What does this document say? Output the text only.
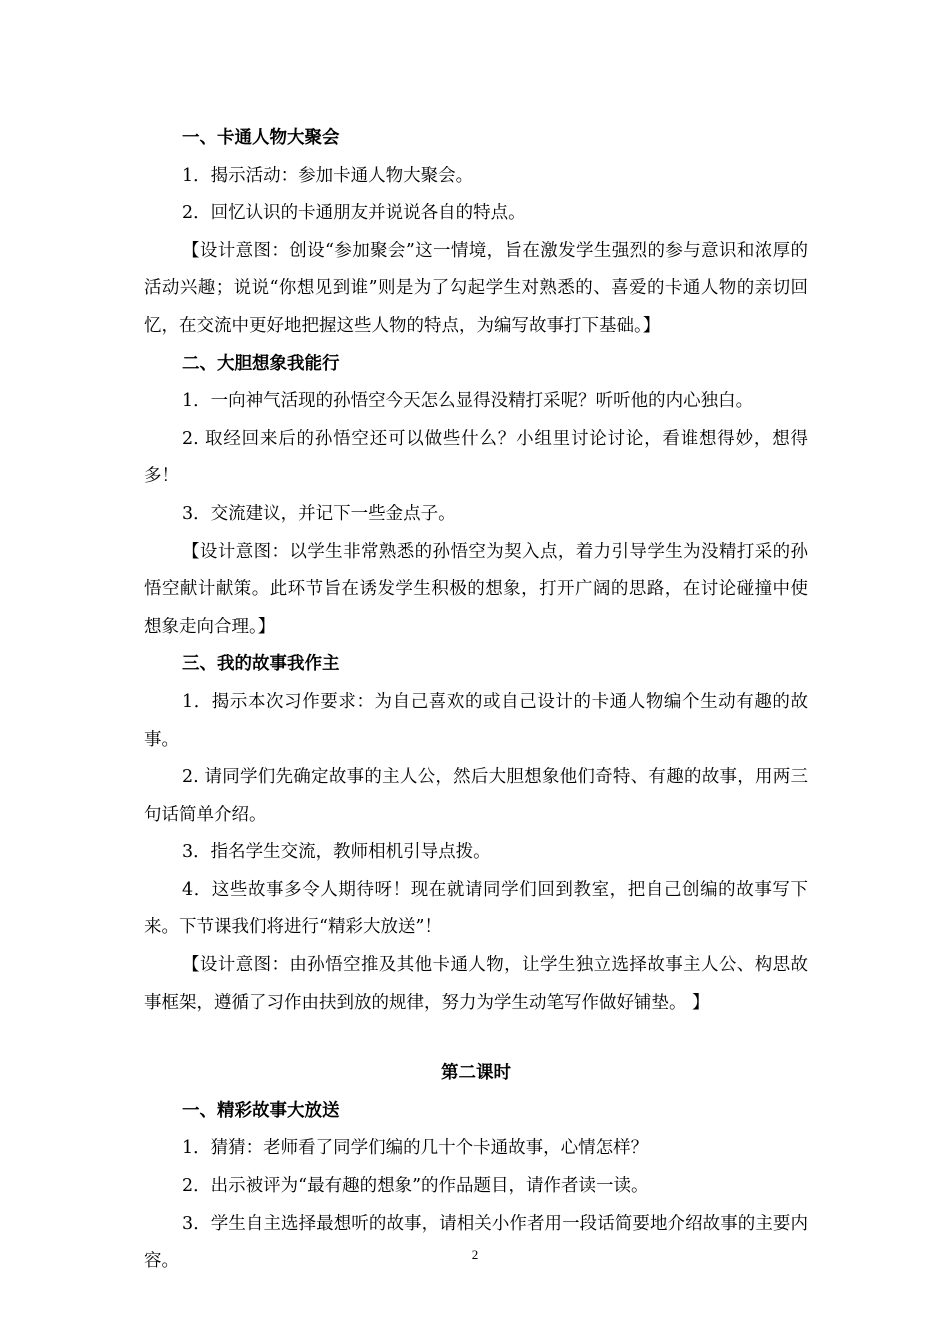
一、卡通人物大聚会

1．揭示活动：参加卡通人物大聚会。

2．回忆认识的卡通朋友并说说各自的特点。

【设计意图：创设“参加聚会”这一情境，旨在激发学生强烈的参与意识和浓厚的活动兴趣；说说“你想见到谁”则是为了勾起学生对熟悉的、喜爱的卡通人物的亲切回忆，在交流中更好地把握这些人物的特点，为编写故事打下基础。】

二、大胆想象我能行

1．一向神气活现的孙悟空今天怎么显得没精打采呢？听听他的内心独白。

2. 取经回来后的孙悟空还可以做些什么？小组里讨论讨论，看谁想得妙，想得多！

3．交流建议，并记下一些金点子。

【设计意图：以学生非常熟悉的孙悟空为契入点，着力引导学生为没精打采的孙悟空献计献策。此环节旨在诱发学生积极的想象，打开广阔的思路，在讨论碰撞中使想象走向合理。】

三、我的故事我作主

1．揭示本次习作要求：为自己喜欢的或自己设计的卡通人物编个生动有趣的故事。

2. 请同学们先确定故事的主人公，然后大胆想象他们奇特、有趣的故事，用两三句话简单介绍。

3．指名学生交流，教师相机引导点拨。

4．这些故事多令人期待呀！现在就请同学们回到教室，把自己创编的故事写下来。下节课我们将进行“精彩大放送”！

【设计意图：由孙悟空推及其他卡通人物，让学生独立选择故事主人公、构思故事框架，遵循了习作由扶到放的规律，努力为学生动笔写作做好铺垫。 】

第二课时

一、精彩故事大放送

1．猜猜：老师看了同学们编的几十个卡通故事，心情怎样？

2．出示被评为“最有趣的想象”的作品题目，请作者读一读。

3．学生自主选择最想听的故事，请相关小作者用一段话简要地介绍故事的主要内容。	2
